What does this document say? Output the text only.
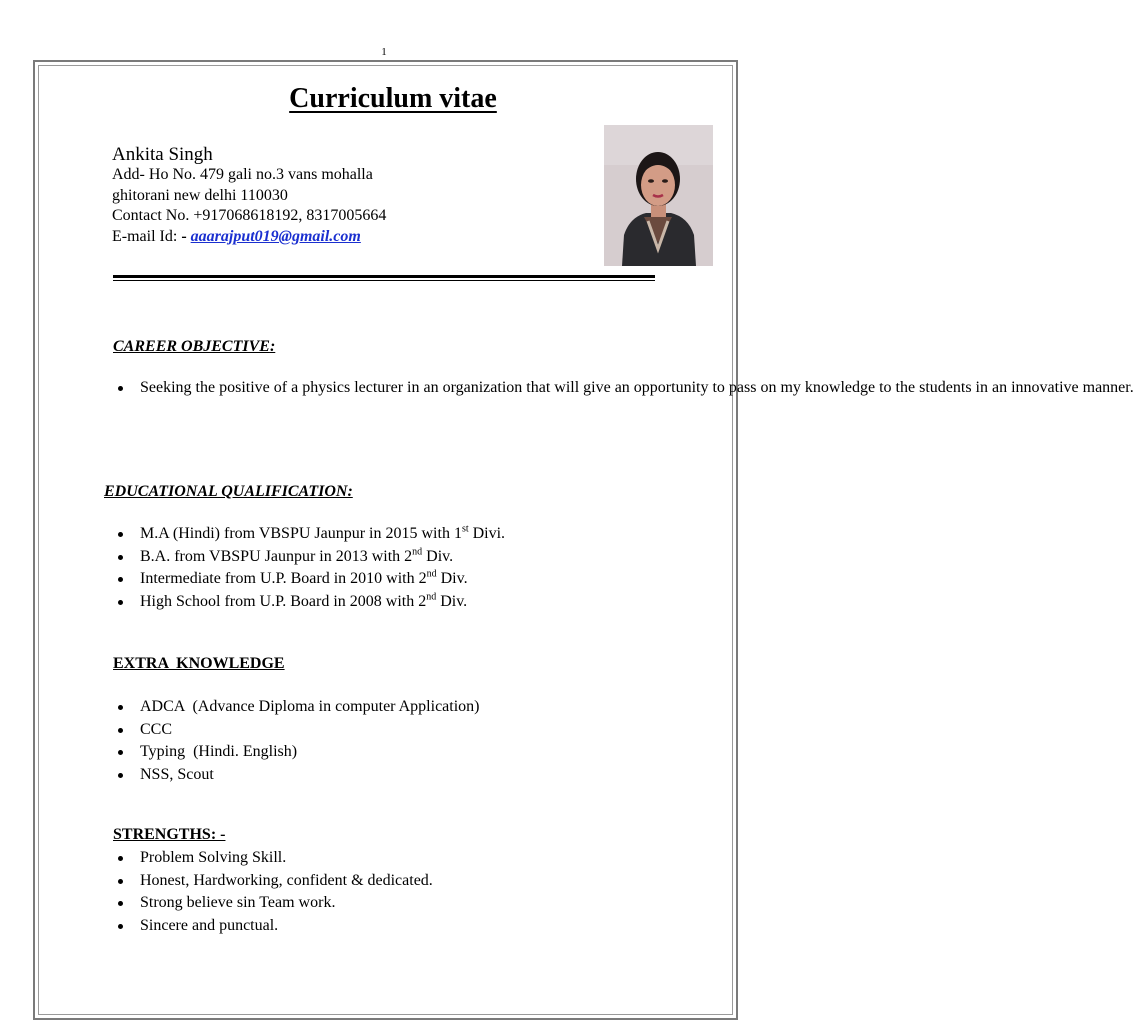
1
Curriculum vitae
Ankita Singh
Add- Ho No. 479 gali no.3 vans mohalla
ghitorani new delhi 110030
Contact No. +917068618192, 8317005664
E-mail Id: - aaarajput019@gmail.com
CAREER OBJECTIVE:
Seeking the positive of a physics lecturer in an organization that will give an opportunity to pass on my knowledge to the students in an innovative manner.
EDUCATIONAL QUALIFICATION:
M.A (Hindi) from VBSPU Jaunpur in 2015 with 1st Divi.
B.A. from VBSPU Jaunpur in 2013 with 2nd Div.
Intermediate from U.P. Board in 2010 with 2nd Div.
High School from U.P. Board in 2008 with 2nd Div.
EXTRA  KNOWLEDGE
ADCA  (Advance Diploma in computer Application)
CCC
Typing  (Hindi. English)
NSS, Scout
STRENGTHS: -
Problem Solving Skill.
Honest, Hardworking, confident & dedicated.
Strong believe sin Team work.
Sincere and punctual.
